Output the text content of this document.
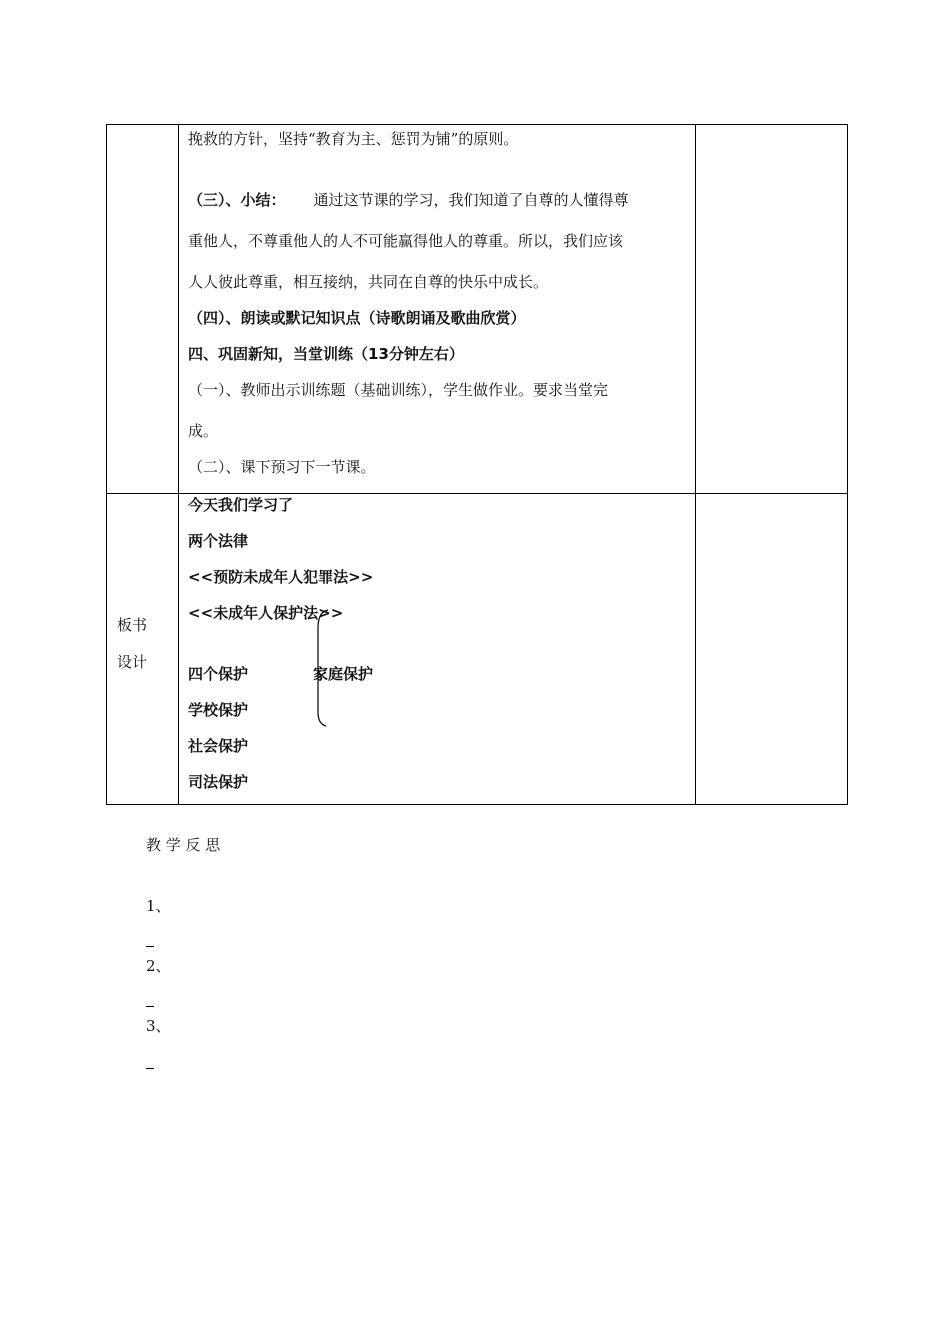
挽救的方针，坚持“教育为主、惩罚为铺”的原则。
（三）、小结： 通过这节课的学习，我们知道了自尊的人懂得尊
重他人，不尊重他人的人不可能赢得他人的尊重。所以，我们应该
人人彼此尊重，相互接纳，共同在自尊的快乐中成长。
（四）、朗读或默记知识点（诗歌朗诵及歌曲欣赏）
四、巩固新知，当堂训练（13分钟左右）
（一）、教师出示训练题（基础训练），学生做作业。要求当堂完
成。
（二）、课下预习下一节课。
板书
设计
今天我们学习了
两个法律
<<预防未成年人犯罪法>>
<<未成年人保护法>>
四个保护	家庭保护
学校保护
社会保护
司法保护
教 学 反 思
1、
2、
3、
